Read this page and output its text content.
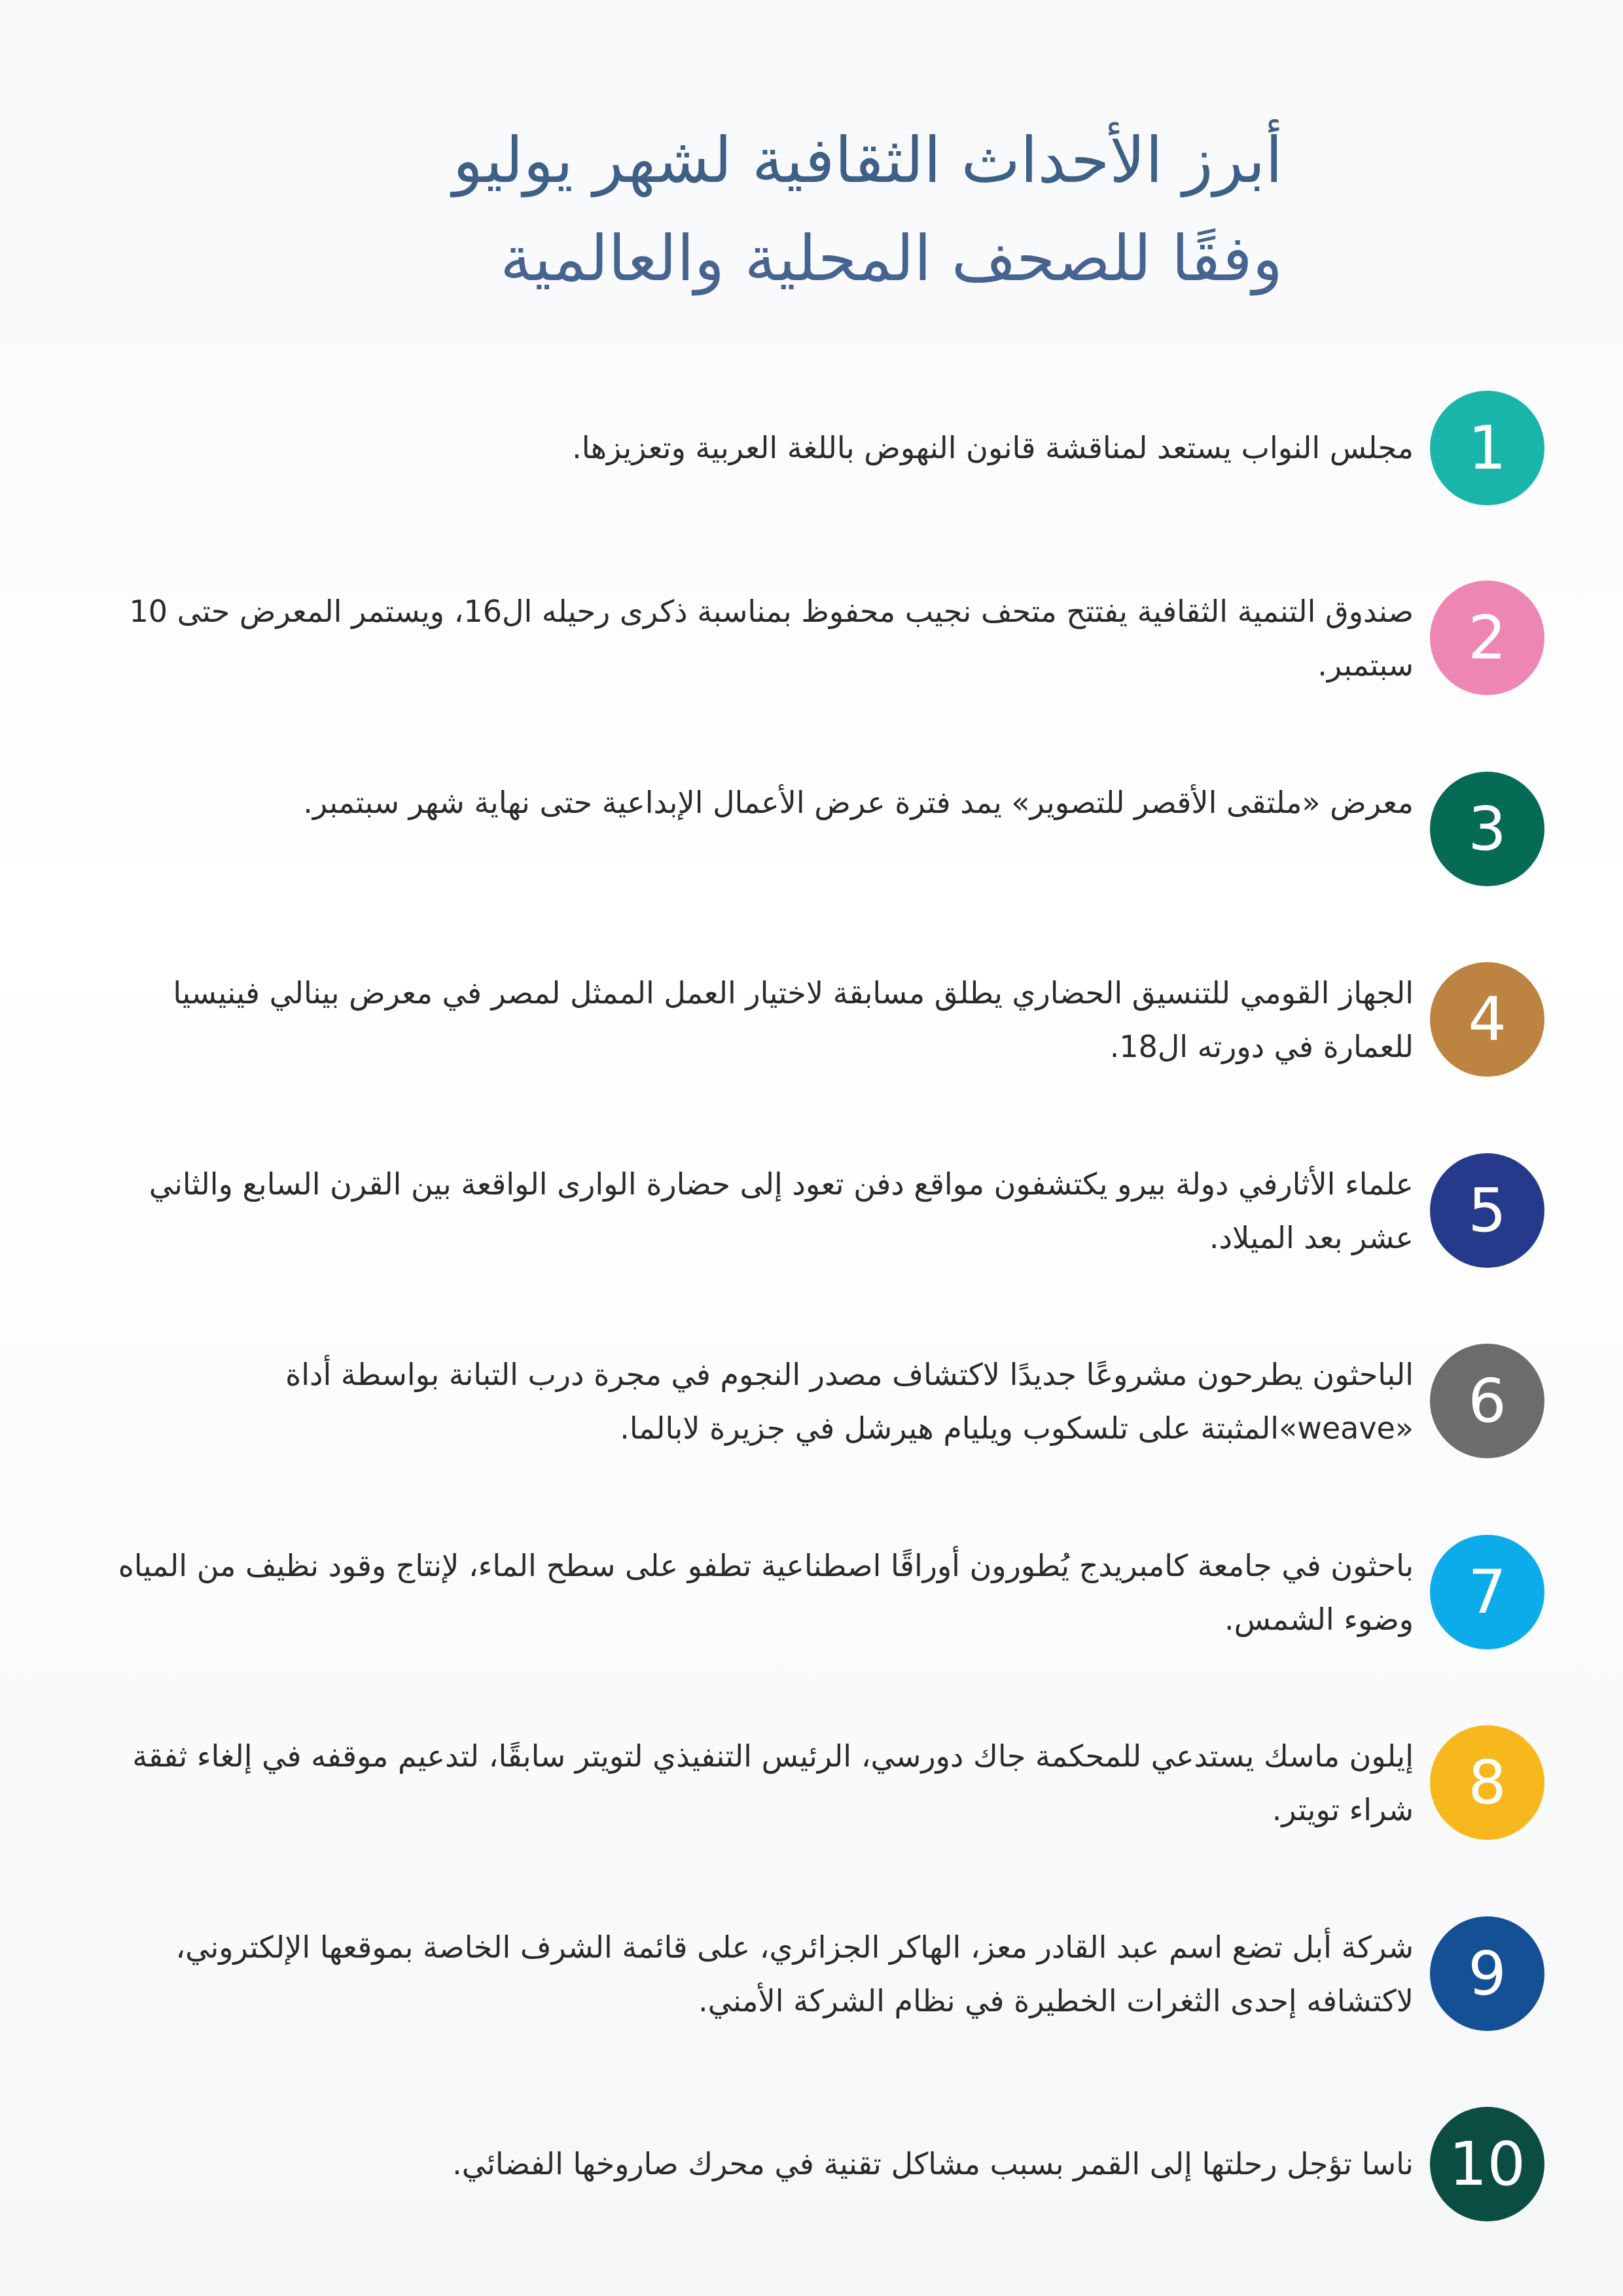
أبرز الأحداث الثقافية لشهر يوليو
وفقًا للصحف المحلية والعالمية
1
مجلس النواب يستعد لمناقشة قانون النهوض باللغة العربية وتعزيزها.
2
صندوق التنمية الثقافية يفتتح متحف نجيب محفوظ بمناسبة ذكرى رحيله ال16، ويستمر المعرض حتى 10 سبتمبر.
3
معرض «ملتقى الأقصر للتصوير» يمد فترة عرض الأعمال الإبداعية حتى نهاية شهر سبتمبر.
4
الجهاز القومي للتنسيق الحضاري يطلق مسابقة لاختيار العمل الممثل لمصر في معرض بينالي فينيسيا للعمارة في دورته ال18.
5
علماء الأثارفي دولة بيرو يكتشفون مواقع دفن تعود إلى حضارة الوارى الواقعة بين القرن السابع والثاني عشر بعد الميلاد.
6
الباحثون يطرحون مشروعًا جديدًا لاكتشاف مصدر النجوم في مجرة درب التبانة بواسطة أداة «weave»المثبتة على تلسكوب ويليام هيرشل في جزيرة لابالما.
7
باحثون في جامعة كامبريدج يُطورون أوراقًا اصطناعية تطفو على سطح الماء، لإنتاج وقود نظيف من المياه وضوء الشمس.
8
إيلون ماسك يستدعي للمحكمة جاك دورسي، الرئيس التنفيذي لتويتر سابقًا، لتدعيم موقفه في إلغاء ثفقة شراء تويتر.
9
شركة أبل تضع اسم عبد القادر معز، الهاكر الجزائري، على قائمة الشرف الخاصة بموقعها الإلكتروني، لاكتشافه إحدى الثغرات الخطيرة في نظام الشركة الأمني.
10
ناسا تؤجل رحلتها إلى القمر بسبب مشاكل تقنية في محرك صاروخها الفضائي.
